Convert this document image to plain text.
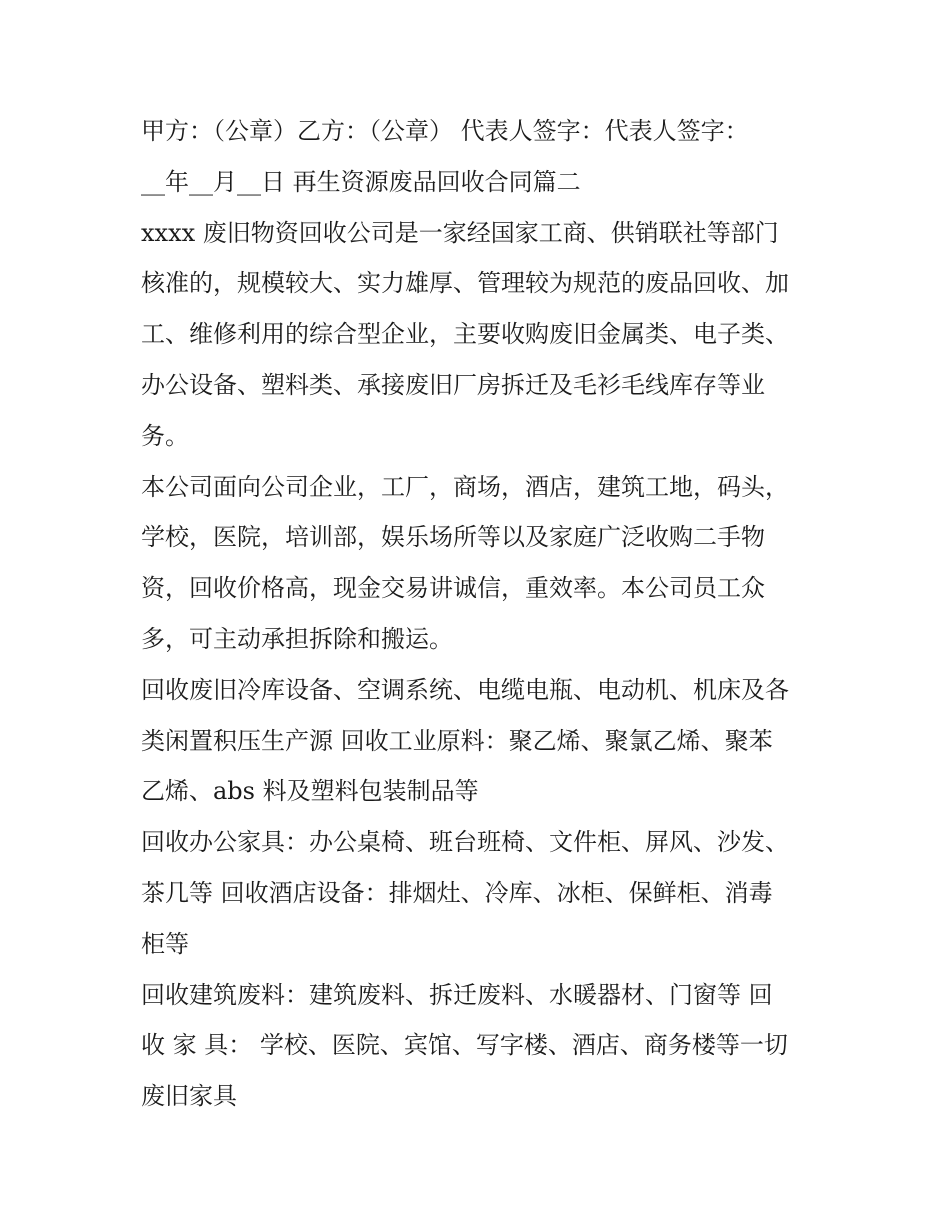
甲方：（公章）乙方：（公章） 代表人签字：代表人签字：
__年__月__日 再生资源废品回收合同篇二
xxxx 废旧物资回收公司是一家经国家工商、供销联社等部门
核准的，规模较大、实力雄厚、管理较为规范的废品回收、加
工、维修利用的综合型企业，主要收购废旧金属类、电子类、
办公设备、塑料类、承接废旧厂房拆迁及毛衫毛线库存等业
务。
本公司面向公司企业，工厂，商场，酒店，建筑工地，码头，
学校，医院，培训部，娱乐场所等以及家庭广泛收购二手物
资，回收价格高，现金交易讲诚信，重效率。本公司员工众
多，可主动承担拆除和搬运。
回收废旧冷库设备、空调系统、电缆电瓶、电动机、机床及各
类闲置积压生产源 回收工业原料：聚乙烯、聚氯乙烯、聚苯
乙烯、abs 料及塑料包装制品等
回收办公家具：办公桌椅、班台班椅、文件柜、屏风、沙发、
茶几等 回收酒店设备：排烟灶、冷库、冰柜、保鲜柜、消毒
柜等
回收建筑废料：建筑废料、拆迁废料、水暖器材、门窗等 回
收 家 具： 学校、医院、宾馆、写字楼、酒店、商务楼等一切
废旧家具
